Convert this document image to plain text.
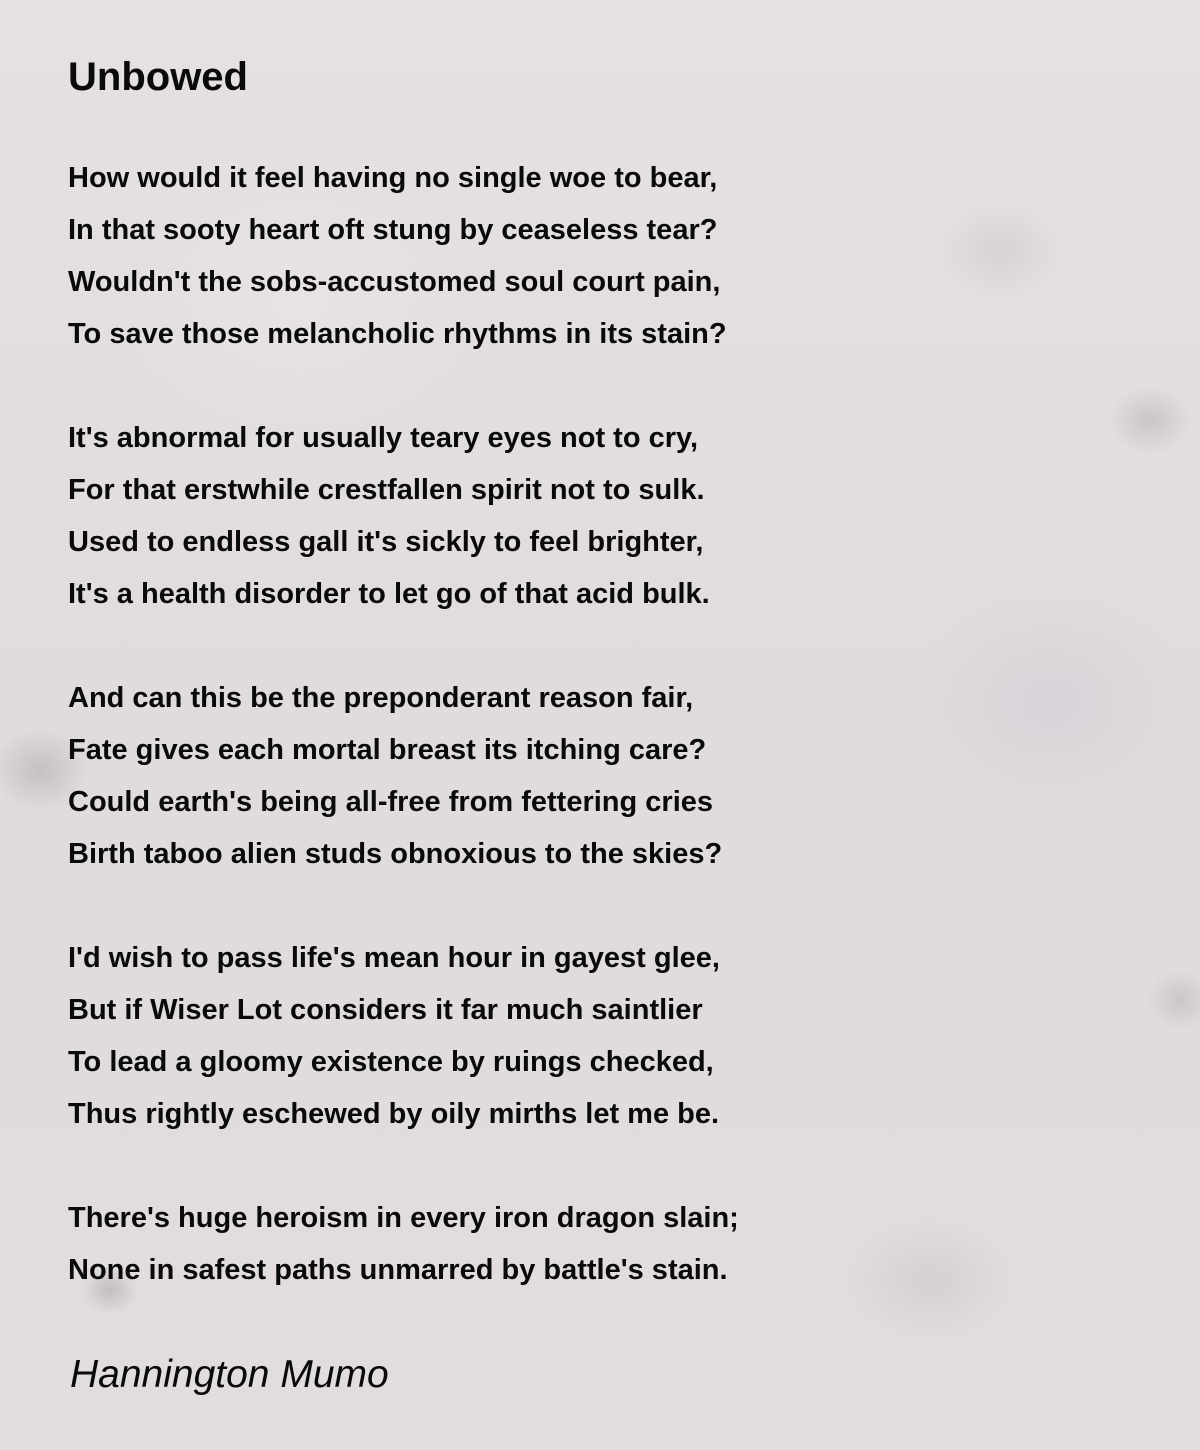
Unbowed
How would it feel having no single woe to bear,
In that sooty heart oft stung by ceaseless tear?
Wouldn't the sobs-accustomed soul court pain,
To save those melancholic rhythms in its stain?
It's abnormal for usually teary eyes not to cry,
For that erstwhile crestfallen spirit not to sulk.
Used to endless gall it's sickly to feel brighter,
It's a health disorder to let go of that acid bulk.
And can this be the preponderant reason fair,
Fate gives each mortal breast its itching care?
Could earth's being all-free from fettering cries
Birth taboo alien studs obnoxious to the skies?
I'd wish to pass life's mean hour in gayest glee,
But if Wiser Lot considers it far much saintlier
To lead a gloomy existence by ruings checked,
Thus rightly eschewed by oily mirths let me be.
There's huge heroism in every iron dragon slain;
None in safest paths unmarred by battle's stain.
Hannington Mumo
